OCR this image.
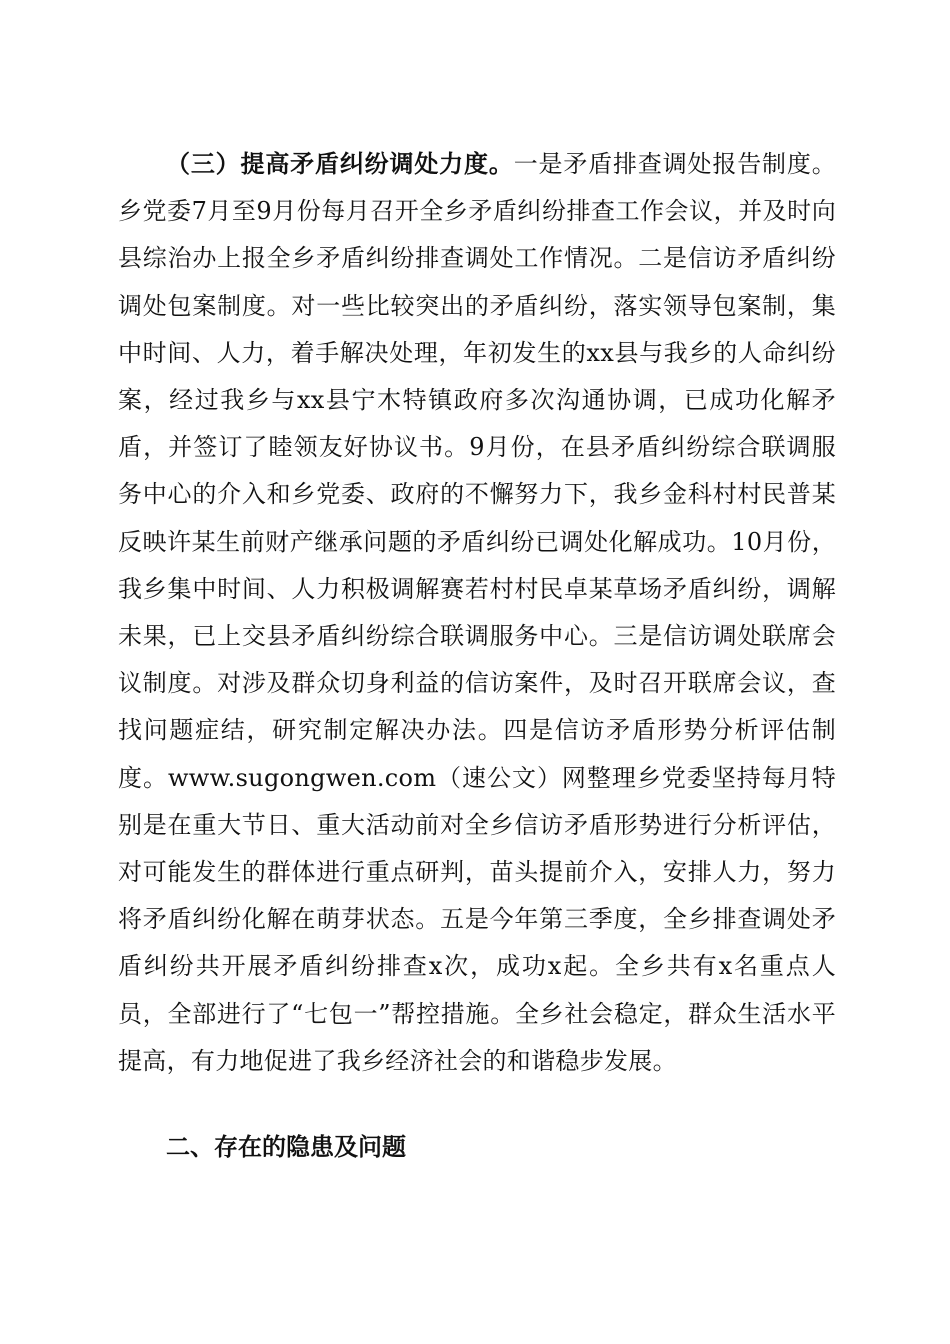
（三）提高矛盾纠纷调处力度。一是矛盾排查调处报告制度。乡党委7月至9月份每月召开全乡矛盾纠纷排查工作会议，并及时向县综治办上报全乡矛盾纠纷排查调处工作情况。二是信访矛盾纠纷调处包案制度。对一些比较突出的矛盾纠纷，落实领导包案制，集中时间、人力，着手解决处理，年初发生的xx县与我乡的人命纠纷案，经过我乡与xx县宁木特镇政府多次沟通协调，已成功化解矛盾，并签订了睦领友好协议书。9月份，在县矛盾纠纷综合联调服务中心的介入和乡党委、政府的不懈努力下，我乡金科村村民普某反映许某生前财产继承问题的矛盾纠纷已调处化解成功。10月份，我乡集中时间、人力积极调解赛若村村民卓某草场矛盾纠纷，调解未果，已上交县矛盾纠纷综合联调服务中心。三是信访调处联席会议制度。对涉及群众切身利益的信访案件，及时召开联席会议，查找问题症结，研究制定解决办法。四是信访矛盾形势分析评估制度。www.sugongwen.com（速公文）网整理乡党委坚持每月特别是在重大节日、重大活动前对全乡信访矛盾形势进行分析评估，对可能发生的群体进行重点研判，苗头提前介入，安排人力，努力将矛盾纠纷化解在萌芽状态。五是今年第三季度，全乡排查调处矛盾纠纷共开展矛盾纠纷排查x次，成功x起。全乡共有x名重点人员，全部进行了“七包一”帮控措施。全乡社会稳定，群众生活水平提高，有力地促进了我乡经济社会的和谐稳步发展。

二、存在的隐患及问题
